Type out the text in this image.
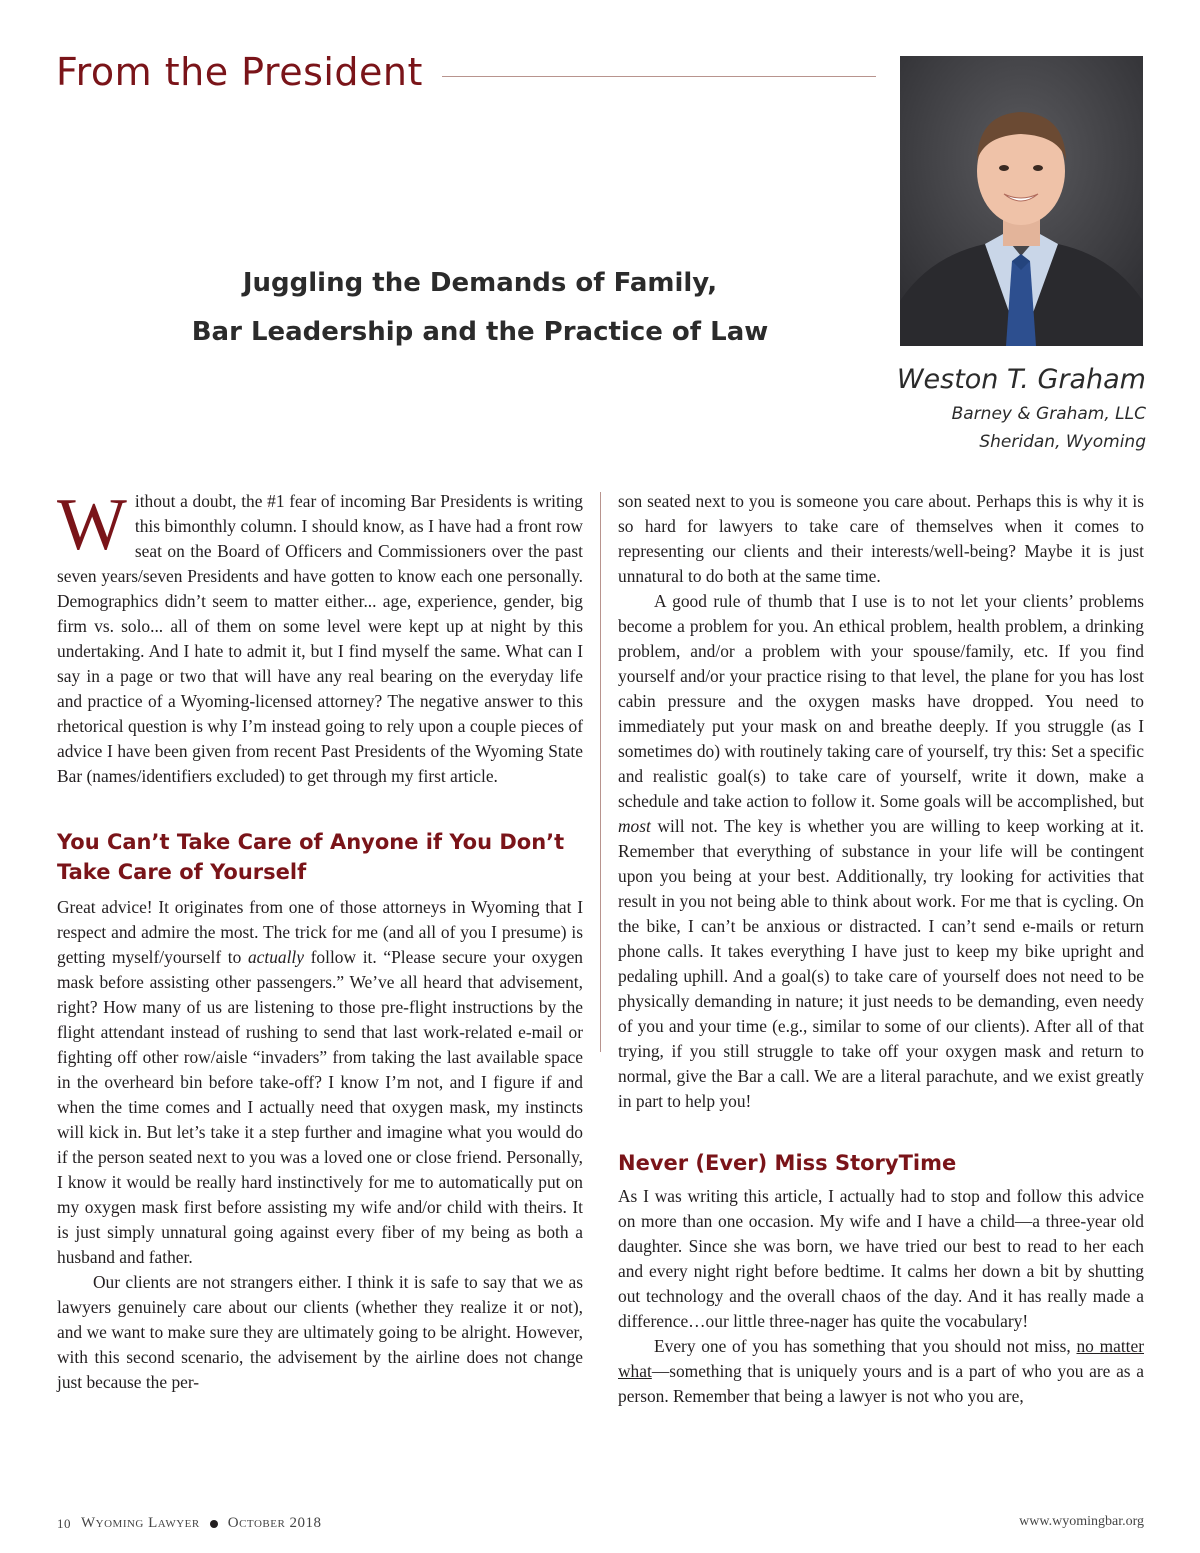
From the President
Juggling the Demands of Family,
Bar Leadership and the Practice of Law
Weston T. Graham
Barney & Graham, LLC
Sheridan, Wyoming

Without a doubt, the #1 fear of incoming Bar Presidents is writing this bimonthly column. I should know, as I have had a front row seat on the Board of Officers and Commissioners over the past seven years/seven Presidents and have gotten to know each one personally. Demographics didn’t seem to matter either... age, experience, gender, big firm vs. solo... all of them on some level were kept up at night by this undertaking. And I hate to admit it, but I find myself the same. What can I say in a page or two that will have any real bearing on the everyday life and practice of a Wyoming-licensed attorney? The negative answer to this rhetorical question is why I’m instead going to rely upon a couple pieces of advice I have been given from recent Past Presidents of the Wyoming State Bar (names/identifiers excluded) to get through my first article.

You Can’t Take Care of Anyone if You Don’t Take Care of Yourself

Great advice! It originates from one of those attorneys in Wyoming that I respect and admire the most. The trick for me (and all of you I presume) is getting myself/yourself to actually follow it. “Please secure your oxygen mask before assisting other passengers.” We’ve all heard that advisement, right? How many of us are listening to those pre-flight instructions by the flight attendant instead of rushing to send that last work-related e-mail or fighting off other row/aisle “invaders” from taking the last available space in the overheard bin before take-off? I know I’m not, and I figure if and when the time comes and I actually need that oxygen mask, my instincts will kick in. But let’s take it a step further and imagine what you would do if the person seated next to you was a loved one or close friend. Personally, I know it would be really hard instinctively for me to automatically put on my oxygen mask first before assisting my wife and/or child with theirs. It is just simply unnatural going against every fiber of my being as both a husband and father.

Our clients are not strangers either. I think it is safe to say that we as lawyers genuinely care about our clients (whether they realize it or not), and we want to make sure they are ultimately going to be alright. However, with this second scenario, the advisement by the airline does not change just because the per-

son seated next to you is someone you care about. Perhaps this is why it is so hard for lawyers to take care of themselves when it comes to representing our clients and their interests/well-being? Maybe it is just unnatural to do both at the same time.

A good rule of thumb that I use is to not let your clients’ problems become a problem for you. An ethical problem, health problem, a drinking problem, and/or a problem with your spouse/family, etc. If you find yourself and/or your practice rising to that level, the plane for you has lost cabin pressure and the oxygen masks have dropped. You need to immediately put your mask on and breathe deeply. If you struggle (as I sometimes do) with routinely taking care of yourself, try this: Set a specific and realistic goal(s) to take care of yourself, write it down, make a schedule and take action to follow it. Some goals will be accomplished, but most will not. The key is whether you are willing to keep working at it. Remember that everything of substance in your life will be contingent upon you being at your best. Additionally, try looking for activities that result in you not being able to think about work. For me that is cycling. On the bike, I can’t be anxious or distracted. I can’t send e-mails or return phone calls. It takes everything I have just to keep my bike upright and pedaling uphill. And a goal(s) to take care of yourself does not need to be physically demanding in nature; it just needs to be demanding, even needy of you and your time (e.g., similar to some of our clients). After all of that trying, if you still struggle to take off your oxygen mask and return to normal, give the Bar a call. We are a literal parachute, and we exist greatly in part to help you!

Never (Ever) Miss StoryTime

As I was writing this article, I actually had to stop and follow this advice on more than one occasion. My wife and I have a child—a three-year old daughter. Since she was born, we have tried our best to read to her each and every night right before bedtime. It calms her down a bit by shutting out technology and the overall chaos of the day. And it has really made a difference…our little three-nager has quite the vocabulary!

Every one of you has something that you should not miss, no matter what—something that is uniquely yours and is a part of who you are as a person. Remember that being a lawyer is not who you are,

10 Wyoming Lawyer October 2018	www.wyomingbar.org
